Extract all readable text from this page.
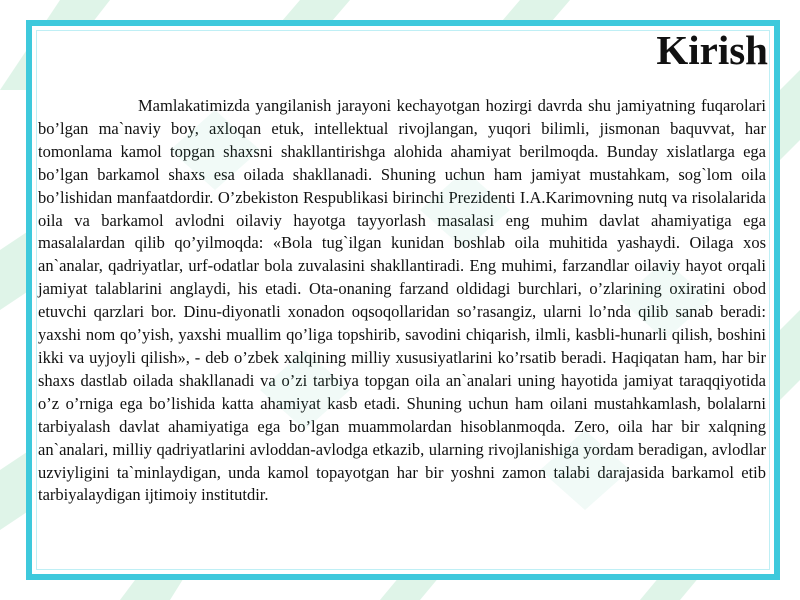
Kirish

Mamlakatimizda yangilanish jarayoni kechayotgan hozirgi davrda shu jamiyatning fuqarolari bo’lgan ma`naviy boy, axloqan etuk, intellektual rivojlangan, yuqori bilimli, jismonan baquvvat, har tomonlama kamol topgan shaxsni shakllantirishga alohida ahamiyat berilmoqda. Bunday xislatlarga ega bo’lgan barkamol shaxs esa oilada shakllanadi. Shuning uchun ham jamiyat mustahkam, sog`lom oila bo’lishidan manfaatdordir. O’zbekiston Respublikasi birinchi Prezidenti I.A.Karimovning nutq va risolalarida oila va barkamol avlodni oilaviy hayotga tayyorlash masalasi eng muhim davlat ahamiyatiga ega masalalardan qilib qo’yilmoqda: «Bola tug`ilgan kunidan boshlab oila muhitida yashaydi. Oilaga xos an`analar, qadriyatlar, urf-odatlar bola zuvalasini shakllantiradi. Eng muhimi, farzandlar oilaviy hayot orqali jamiyat talablarini anglaydi, his etadi. Ota-onaning farzand oldidagi burchlari, o’zlarining oxiratini obod etuvchi qarzlari bor. Dinu-diyonatli xonadon oqsoqollaridan so’rasangiz, ularni lo’nda qilib sanab beradi: yaxshi nom qo’yish, yaxshi muallim qo’liga topshirib, savodini chiqarish, ilmli, kasbli-hunarli qilish, boshini ikki va uyjoyli qilish», - deb o’zbek xalqining milliy xususiyatlarini ko’rsatib beradi. Haqiqatan ham, har bir shaxs dastlab oilada shakllanadi va o’zi tarbiya topgan oila an`analari uning hayotida jamiyat taraqqiyotida o’z o’rniga ega bo’lishida katta ahamiyat kasb etadi. Shuning uchun ham oilani mustahkamlash, bolalarni tarbiyalash davlat ahamiyatiga ega bo’lgan muammolardan hisoblanmoqda. Zero, oila har bir xalqning an`analari, milliy qadriyatlarini avloddan-avlodga etkazib, ularning rivojlanishiga yordam beradigan, avlodlar uzviyligini ta`minlaydigan, unda kamol topayotgan har bir yoshni zamon talabi darajasida barkamol etib tarbiyalaydigan ijtimoiy institutdir.
